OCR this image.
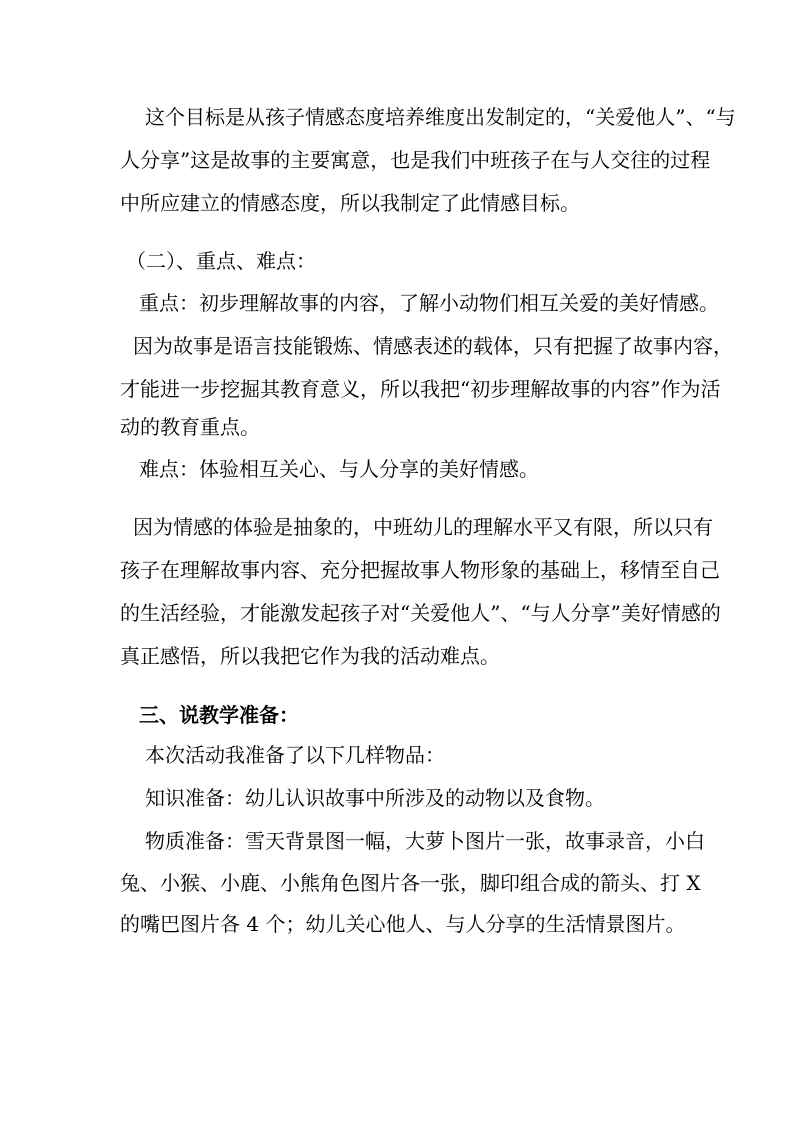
这个目标是从孩子情感态度培养维度出发制定的，“关爱他人”、“与
人分享”这是故事的主要寓意，也是我们中班孩子在与人交往的过程
中所应建立的情感态度，所以我制定了此情感目标。
（二）、重点、难点：
重点：初步理解故事的内容，了解小动物们相互关爱的美好情感。
因为故事是语言技能锻炼、情感表述的载体，只有把握了故事内容，
才能进一步挖掘其教育意义，所以我把“初步理解故事的内容”作为活
动的教育重点。
难点：体验相互关心、与人分享的美好情感。
因为情感的体验是抽象的，中班幼儿的理解水平又有限，所以只有
孩子在理解故事内容、充分把握故事人物形象的基础上，移情至自己
的生活经验，才能激发起孩子对“关爱他人”、“与人分享”美好情感的
真正感悟，所以我把它作为我的活动难点。
三、说教学准备：
本次活动我准备了以下几样物品：
知识准备：幼儿认识故事中所涉及的动物以及食物。
物质准备：雪天背景图一幅，大萝卜图片一张，故事录音，小白
兔、小猴、小鹿、小熊角色图片各一张，脚印组合成的箭头、打 X
的嘴巴图片各 4 个；幼儿关心他人、与人分享的生活情景图片。
